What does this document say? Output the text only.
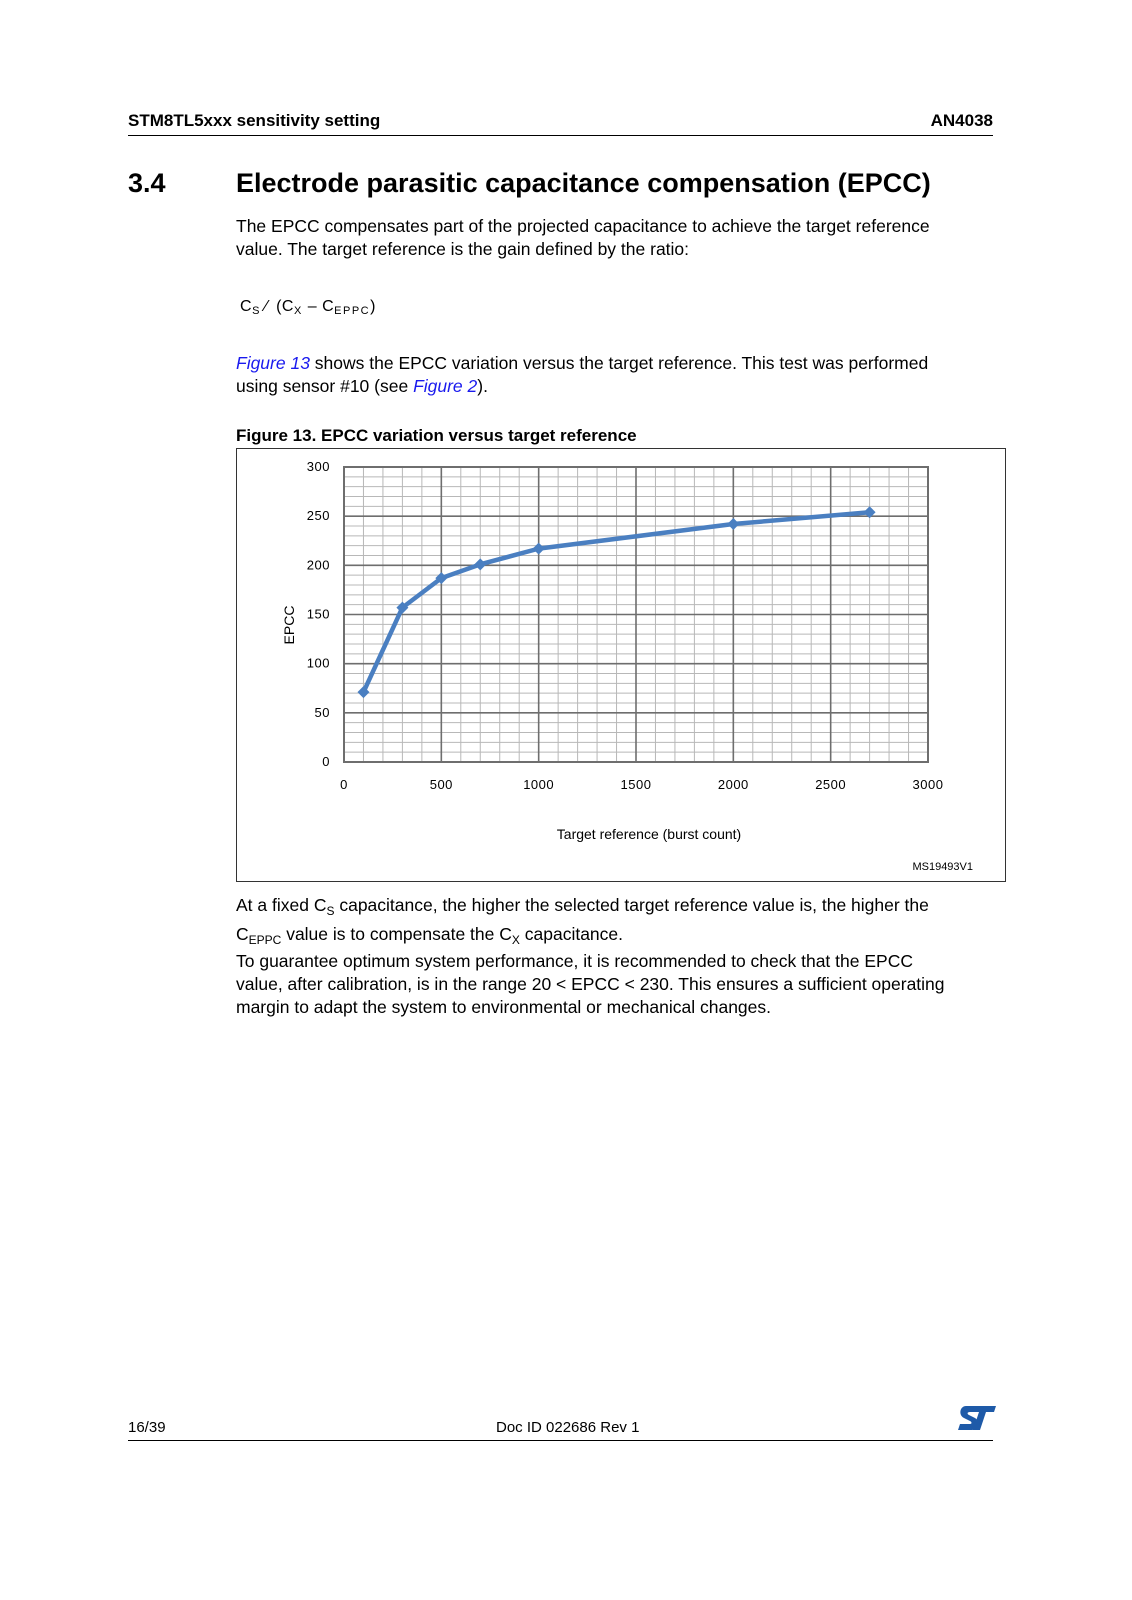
STM8TL5xxx sensitivity setting	AN4038
3.4	Electrode parasitic capacitance compensation (EPCC)
The EPCC compensates part of the projected capacitance to achieve the target reference
value. The target reference is the gain defined by the ratio:
$C_S$ ⁄ $(C_X - C_{EPPC})$
Figure 13 shows the EPCC variation versus the target reference. This test was performed
using sensor #10 (see Figure 2).
Figure 13. EPCC variation versus target reference
0	500	1000	1500	2000	2500	3000
0
50
100
150
200
250
300
Target reference (burst count)
EPCC
MS19493V1
At a fixed $C_S$ capacitance, the higher the selected target reference value is, the higher the
$C_{EPPC}$ value is to compensate the $C_X$ capacitance.
To guarantee optimum system performance, it is recommended to check that the EPCC
value, after calibration, is in the range 20 < EPCC < 230. This ensures a sufficient operating
margin to adapt the system to environmental or mechanical changes.
16/39	Doc ID 022686 Rev 1
